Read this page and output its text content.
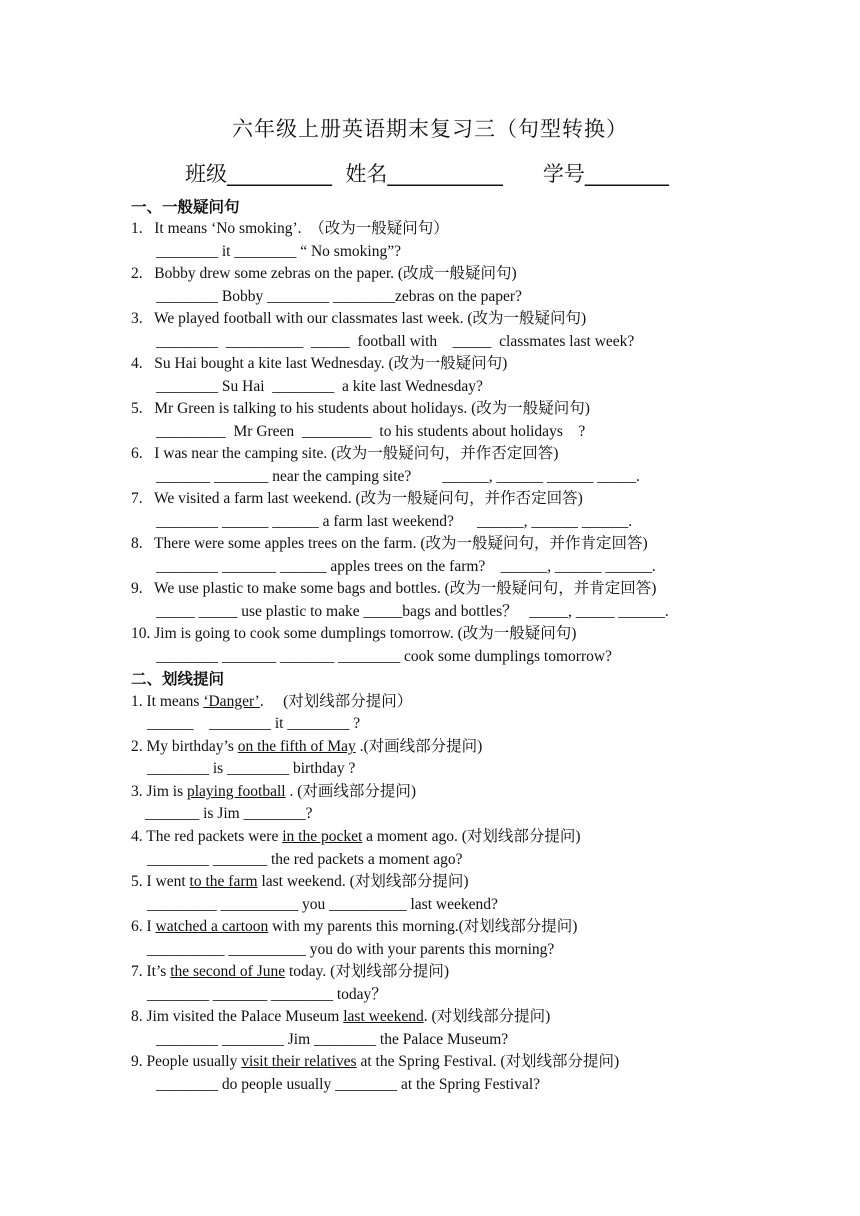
六年级上册英语期末复习三（句型转换）
班级__________  姓名___________      学号________
一、一般疑问句
1.   It means ‘No smoking’.  （改为一般疑问句）
________ it ________ “ No smoking”?
2.   Bobby drew some zebras on the paper. (改成一般疑问句)
________ Bobby ________ ________zebras on the paper?
3.   We played football with our classmates last week. (改为一般疑问句)
________  __________  _____  football with    _____  classmates last week?
4.   Su Hai bought a kite last Wednesday. (改为一般疑问句)
________ Su Hai  ________  a kite last Wednesday?
5.   Mr Green is talking to his students about holidays. (改为一般疑问句)
_________  Mr Green  _________  to his students about holidays    ?
6.   I was near the camping site. (改为一般疑问句，并作否定回答)
_______ _______ near the camping site?        ______, ______ ______ _____.
7.   We visited a farm last weekend. (改为一般疑问句，并作否定回答)
________ ______ ______ a farm last weekend?      ______, ______ ______.
8.   There were some apples trees on the farm. (改为一般疑问句，并作肯定回答)
________ _______ ______ apples trees on the farm?    ______, ______ ______.
9.   We use plastic to make some bags and bottles. (改为一般疑问句，并肯定回答)
_____ _____ use plastic to make _____bags and bottles？   _____, _____ ______.
10. Jim is going to cook some dumplings tomorrow. (改为一般疑问句)
________ _______ _______ ________ cook some dumplings tomorrow?
二、划线提问
1. It means ‘Danger’.     (对划线部分提问）
______    ________ it ________ ?
2. My birthday’s on the fifth of May .(对画线部分提问)
________ is ________ birthday ?
3. Jim is playing football . (对画线部分提问)
_______ is Jim ________?
4. The red packets were in the pocket a moment ago. (对划线部分提问)
________ _______ the red packets a moment ago?
5. I went to the farm last weekend. (对划线部分提问)
_________ __________ you __________ last weekend?
6. I watched a cartoon with my parents this morning.(对划线部分提问)
__________ __________ you do with your parents this morning?
7. It’s the second of June today. (对划线部分提问)
________ _______ ________ today？
8. Jim visited the Palace Museum last weekend. (对划线部分提问)
________ ________ Jim ________ the Palace Museum?
9. People usually visit their relatives at the Spring Festival. (对划线部分提问)
________ do people usually ________ at the Spring Festival?
